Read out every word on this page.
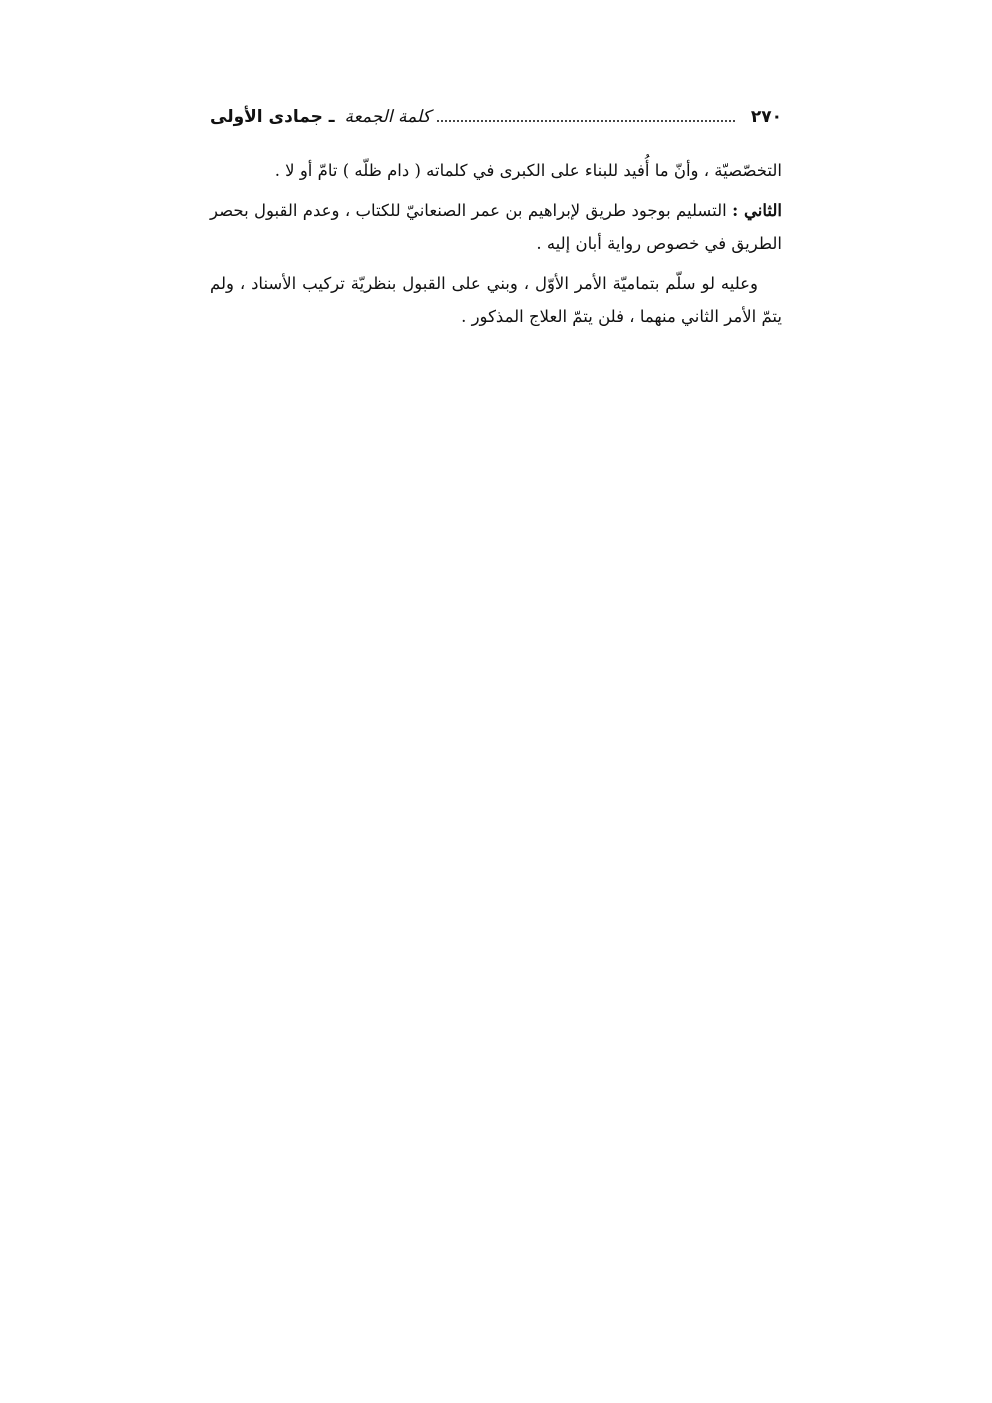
٢٧٠
كلمة الجمعة ـ جمادى الأولى

التخصّصيّة ، وأنّ ما أُفيد للبناء على الكبرى في كلماته ( دام ظلّه ) تامّ أو لا .

الثاني : التسليم بوجود طريق لإبراهيم بن عمر الصنعانيّ للكتاب ، وعدم القبول بحصر الطريق في خصوص رواية أبان إليه .

وعليه لو سلّم بتماميّة الأمر الأوّل ، وبني على القبول بنظريّة تركيب الأسناد ، ولم يتمّ الأمر الثاني منهما ، فلن يتمّ العلاج المذكور .
